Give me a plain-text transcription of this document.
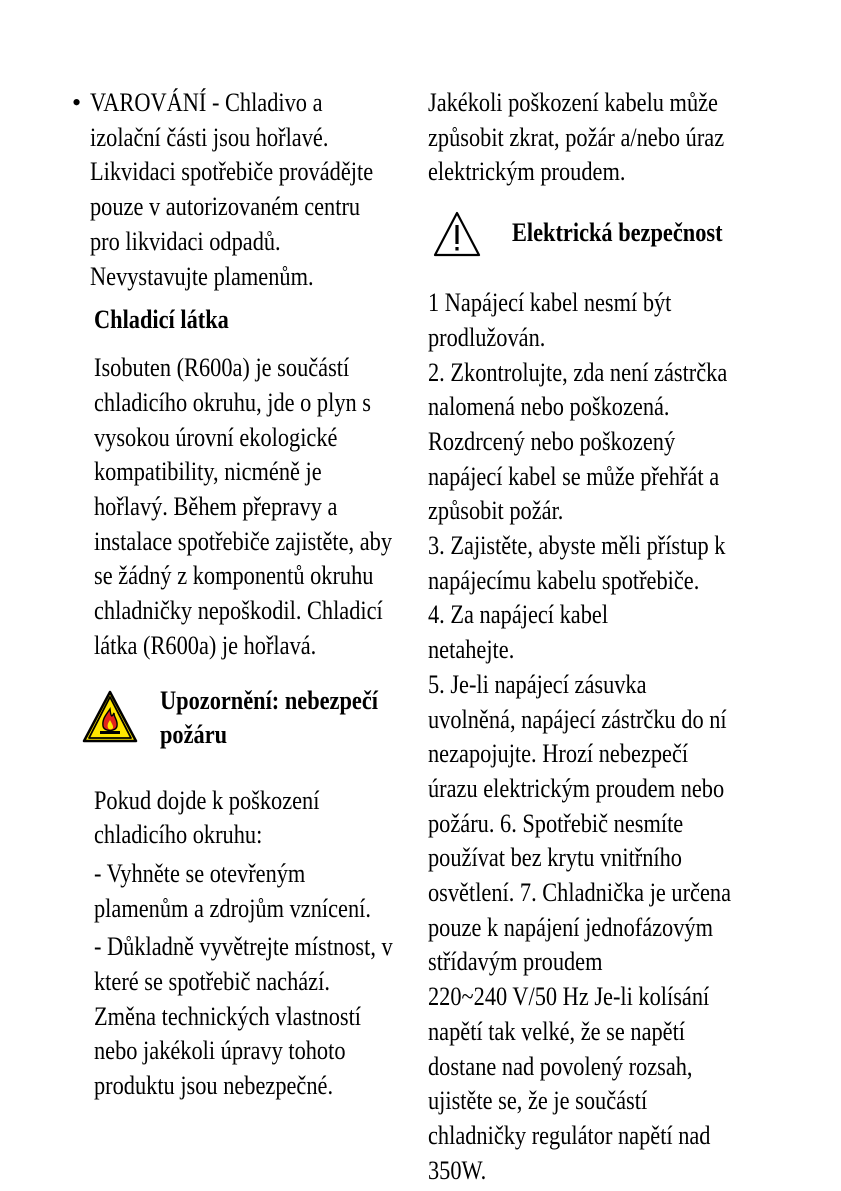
• VAROVÁNÍ - Chladivo a
izolační části jsou hořlavé.
Likvidaci spotřebiče provádějte
pouze v autorizovaném centru
pro likvidaci odpadů.
Nevystavujte plamenům.

Chladicí látka

Isobuten (R600a) je součástí
chladicího okruhu, jde o plyn s
vysokou úrovní ekologické
kompatibility, nicméně je
hořlavý. Během přepravy a
instalace spotřebiče zajistěte, aby
se žádný z komponentů okruhu
chladničky nepoškodil. Chladicí
látka (R600a) je hořlavá.

Upozornění: nebezpečí
požáru

Pokud dojde k poškození
chladicího okruhu:

- Vyhněte se otevřeným
plamenům a zdrojům vznícení.

- Důkladně vyvětrejte místnost, v
které se spotřebič nachází.
Změna technických vlastností
nebo jakékoli úpravy tohoto
produktu jsou nebezpečné.

Jakékoli poškození kabelu může
způsobit zkrat, požár a/nebo úraz
elektrickým proudem.

Elektrická bezpečnost

1 Napájecí kabel nesmí být
prodlužován.
2. Zkontrolujte, zda není zástrčka
nalomená nebo poškozená.
Rozdrcený nebo poškozený
napájecí kabel se může přehřát a
způsobit požár.
3. Zajistěte, abyste měli přístup k
napájecímu kabelu spotřebiče.
4. Za napájecí kabel
netahejte.
5. Je-li napájecí zásuvka
uvolněná, napájecí zástrčku do ní
nezapojujte. Hrozí nebezpečí
úrazu elektrickým proudem nebo
požáru. 6. Spotřebič nesmíte
používat bez krytu vnitřního
osvětlení. 7. Chladnička je určena
pouze k napájení jednofázovým
střídavým proudem
220~240 V/50 Hz Je-li kolísání
napětí tak velké, že se napětí
dostane nad povolený rozsah,
ujistěte se, že je součástí
chladničky regulátor napětí nad
350W.
